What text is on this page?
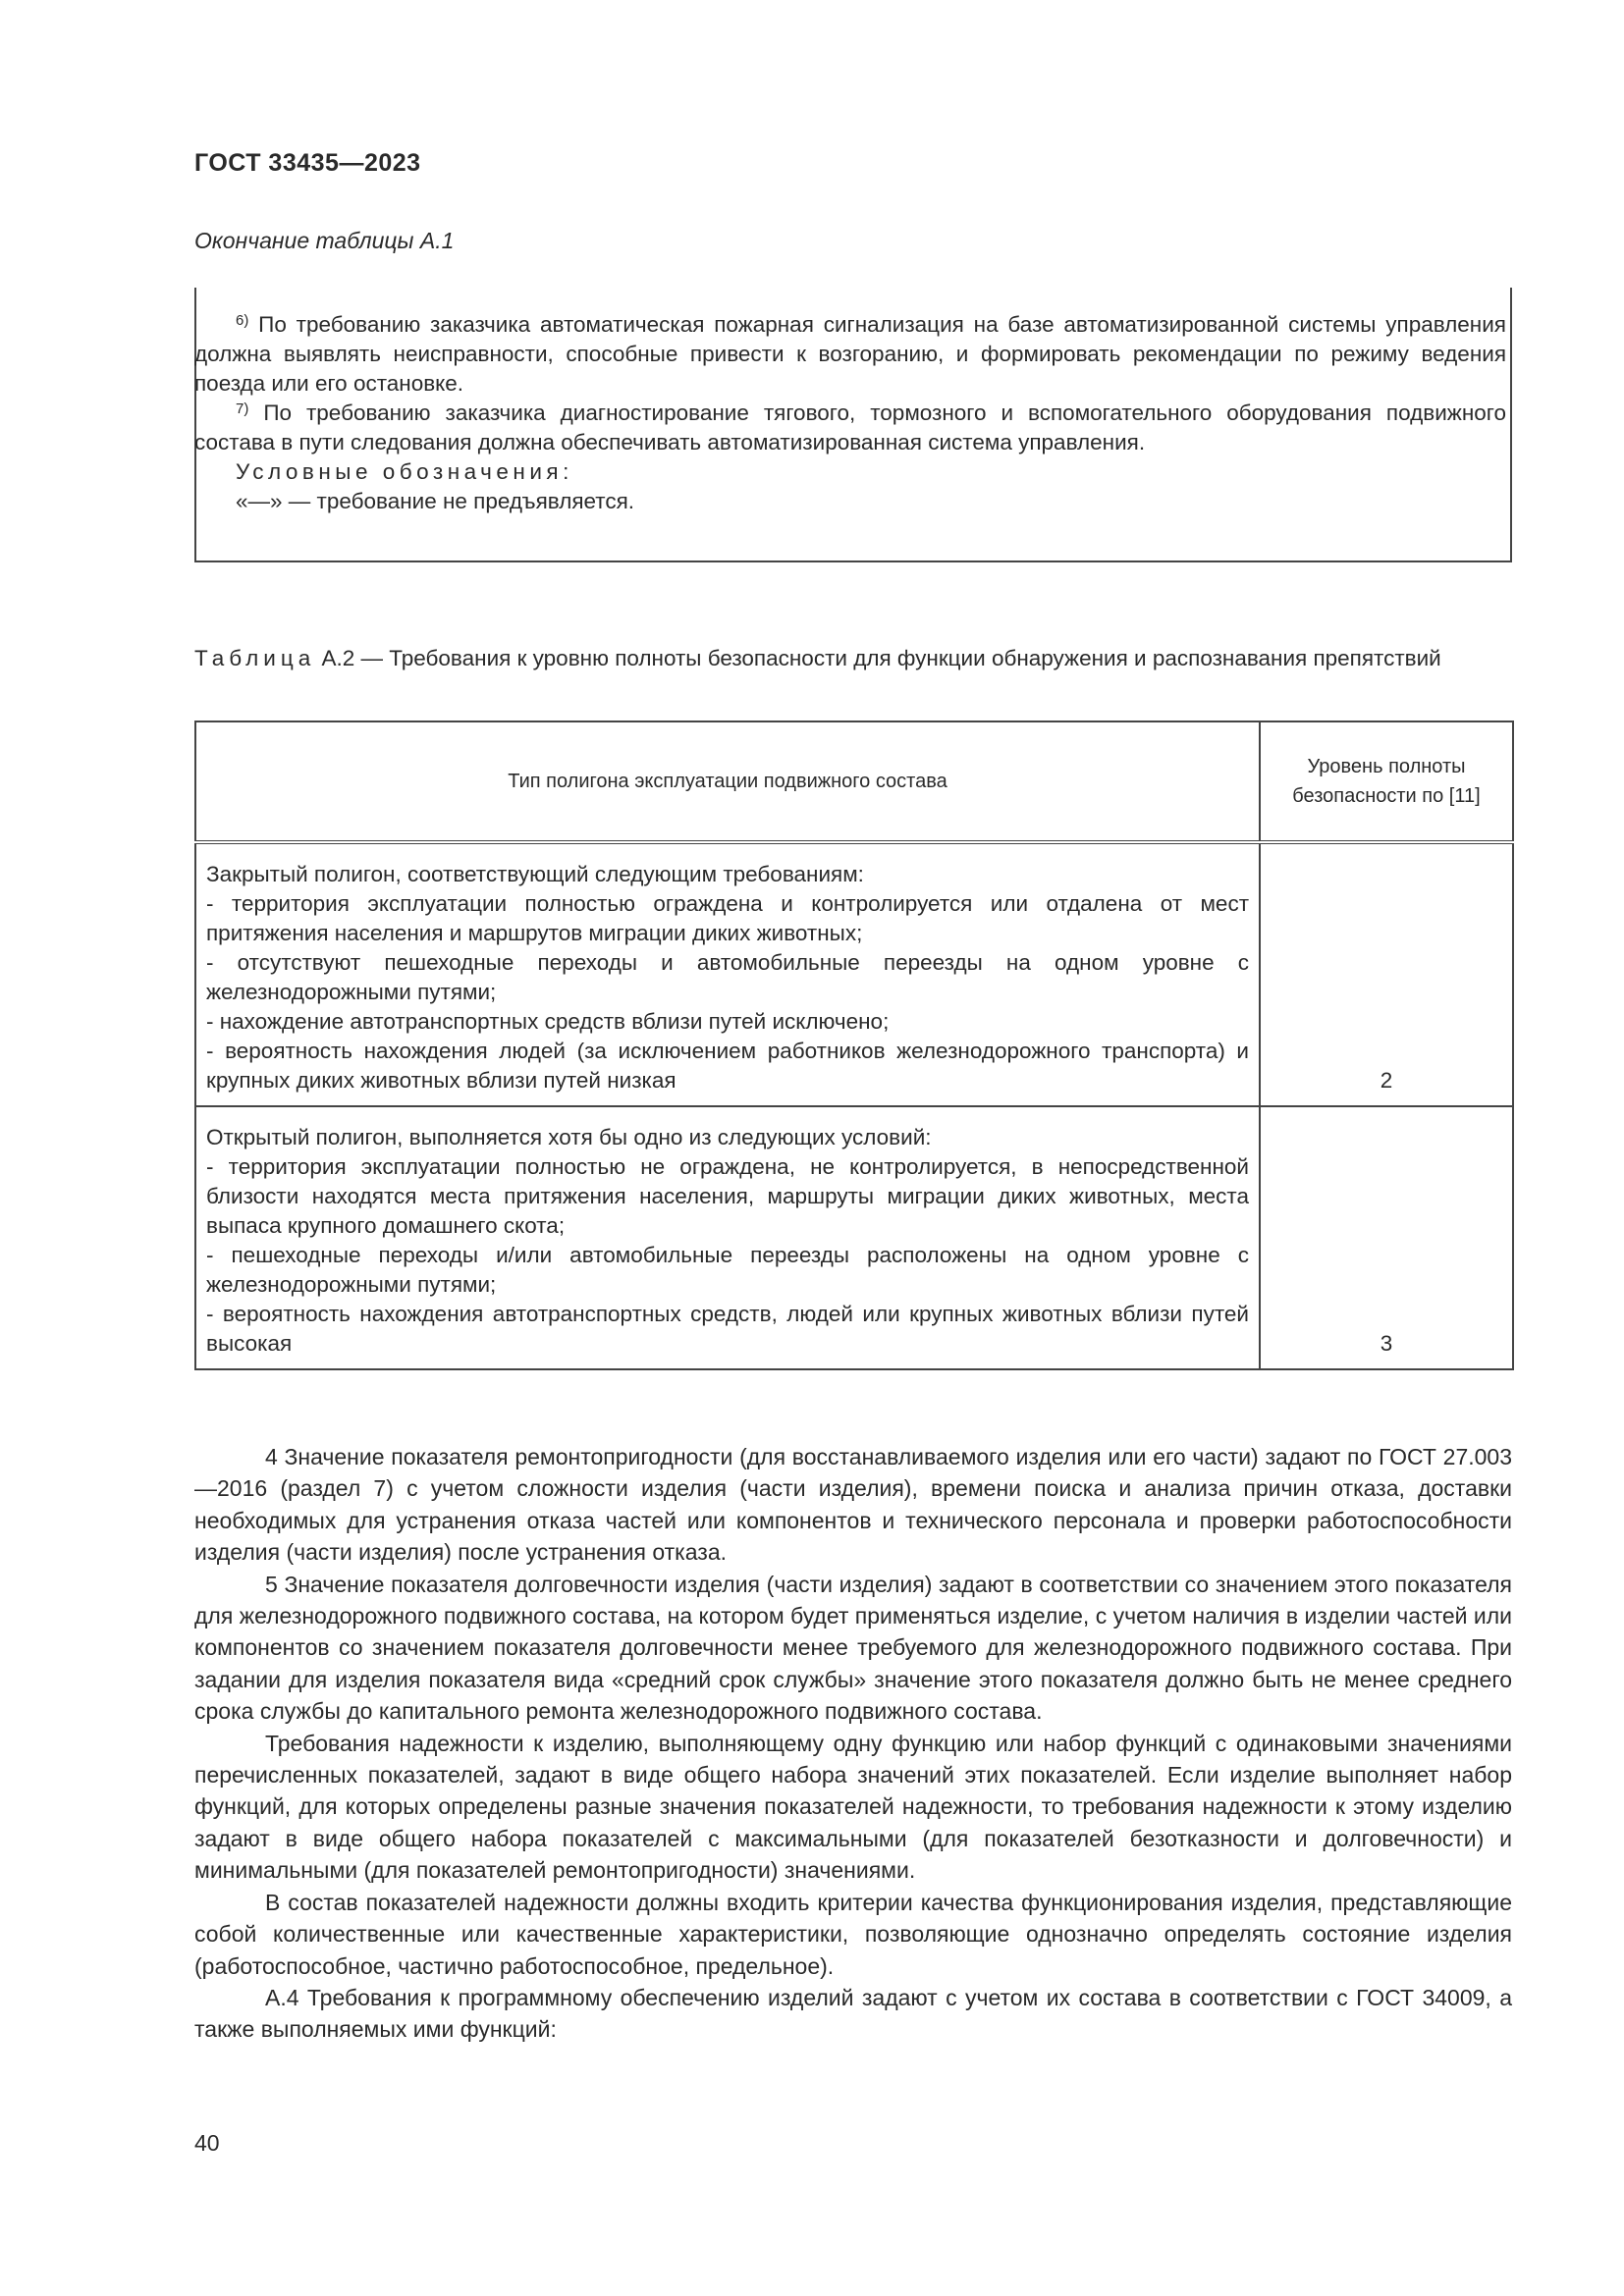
ГОСТ 33435—2023
Окончание таблицы А.1

$^{6)}$ По требованию заказчика автоматическая пожарная сигнализация на базе автоматизированной системы управления должна выявлять неисправности, способные привести к возгоранию, и формировать рекомендации по режиму ведения поезда или его остановке.

$^{7)}$ По требованию заказчика диагностирование тягового, тормозного и вспомогательного оборудования подвижного состава в пути следования должна обеспечивать автоматизированная система управления.

Условные обозначения:

«—» — требование не предъявляется.

Таблица А.2 — Требования к уровню полноты безопасности для функции обнаружения и распознавания препятствий
Тип полигона эксплуатации подвижного состава	Уровень полноты
безопасности по [11]

Закрытый полигон, соответствующий следующим требованиям:

- территория эксплуатации полностью ограждена и контролируется или отдалена от мест притяжения населения и маршрутов миграции диких животных;

- отсутствуют пешеходные переходы и автомобильные переезды на одном уровне с железнодорожными путями;

- нахождение автотранспортных средств вблизи путей исключено;

- вероятность нахождения людей (за исключением работников железнодорожного транспорта) и крупных диких животных вблизи путей низкая	2

Открытый полигон, выполняется хотя бы одно из следующих условий:

- территория эксплуатации полностью не ограждена, не контролируется, в непосредственной близости находятся места притяжения населения, маршруты миграции диких животных, места выпаса крупного домашнего скота;

- пешеходные переходы и/или автомобильные переезды расположены на одном уровне с железнодорожными путями;

- вероятность нахождения автотранспортных средств, людей или крупных животных вблизи путей высокая	3

4 Значение показателя ремонтопригодности (для восстанавливаемого изделия или его части) задают по ГОСТ 27.003—2016 (раздел 7) с учетом сложности изделия (части изделия), времени поиска и анализа причин отказа, доставки необходимых для устранения отказа частей или компонентов и технического персонала и проверки работоспособности изделия (части изделия) после устранения отказа.

5 Значение показателя долговечности изделия (части изделия) задают в соответствии со значением этого показателя для железнодорожного подвижного состава, на котором будет применяться изделие, с учетом наличия в изделии частей или компонентов со значением показателя долговечности менее требуемого для железнодорожного подвижного состава. При задании для изделия показателя вида «средний срок службы» значение этого показателя должно быть не менее среднего срока службы до капитального ремонта железнодорожного подвижного состава.

Требования надежности к изделию, выполняющему одну функцию или набор функций с одинаковыми значениями перечисленных показателей, задают в виде общего набора значений этих показателей. Если изделие выполняет набор функций, для которых определены разные значения показателей надежности, то требования надежности к этому изделию задают в виде общего набора показателей с максимальными (для показателей безотказности и долговечности) и минимальными (для показателей ремонтопригодности) значениями.

В состав показателей надежности должны входить критерии качества функционирования изделия, представляющие собой количественные или качественные характеристики, позволяющие однозначно определять состояние изделия (работоспособное, частично работоспособное, предельное).

А.4 Требования к программному обеспечению изделий задают с учетом их состава в соответствии с ГОСТ 34009, а также выполняемых ими функций:

40
